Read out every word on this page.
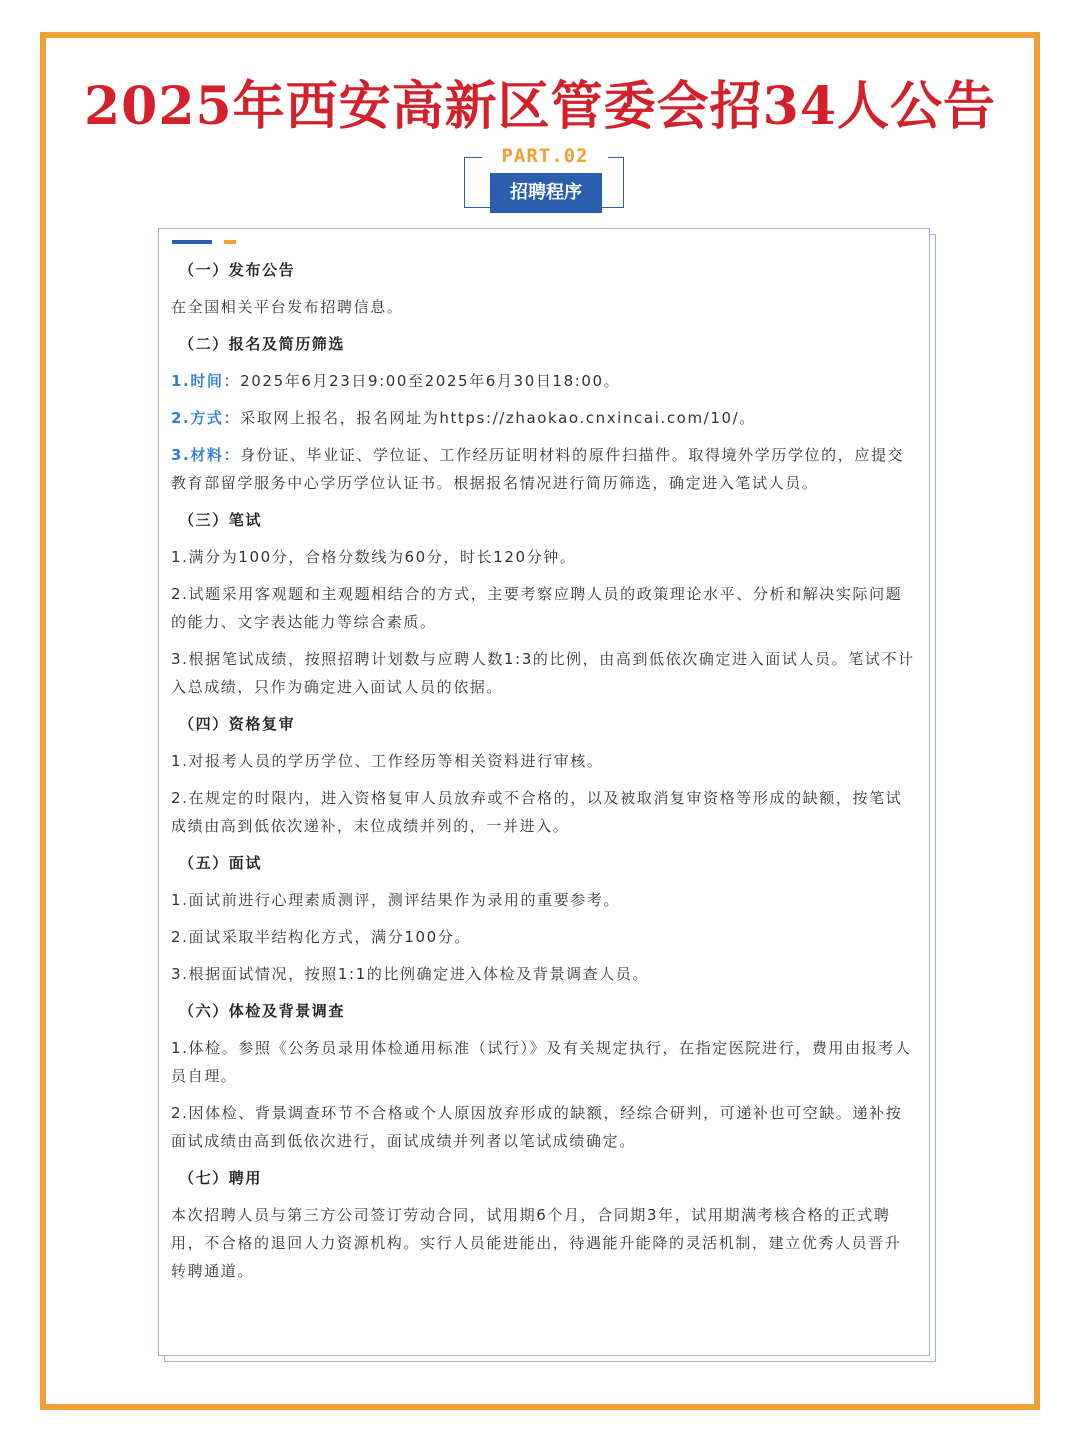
2025年西安高新区管委会招34人公告
PART.02
招聘程序
（一）发布公告
在全国相关平台发布招聘信息。
（二）报名及简历筛选
1.时间：2025年6月23日9:00至2025年6月30日18:00。
2.方式：采取网上报名，报名网址为https://zhaokao.cnxincai.com/10/。
3.材料：身份证、毕业证、学位证、工作经历证明材料的原件扫描件。取得境外学历学位的，应提交教育部留学服务中心学历学位认证书。根据报名情况进行简历筛选，确定进入笔试人员。
（三）笔试
1.满分为100分，合格分数线为60分，时长120分钟。
2.试题采用客观题和主观题相结合的方式，主要考察应聘人员的政策理论水平、分析和解决实际问题的能力、文字表达能力等综合素质。
3.根据笔试成绩，按照招聘计划数与应聘人数1:3的比例，由高到低依次确定进入面试人员。笔试不计入总成绩，只作为确定进入面试人员的依据。
（四）资格复审
1.对报考人员的学历学位、工作经历等相关资料进行审核。
2.在规定的时限内，进入资格复审人员放弃或不合格的，以及被取消复审资格等形成的缺额，按笔试成绩由高到低依次递补，末位成绩并列的，一并进入。
（五）面试
1.面试前进行心理素质测评，测评结果作为录用的重要参考。
2.面试采取半结构化方式，满分100分。
3.根据面试情况，按照1:1的比例确定进入体检及背景调查人员。
（六）体检及背景调查
1.体检。参照《公务员录用体检通用标准（试行）》及有关规定执行，在指定医院进行，费用由报考人员自理。
2.因体检、背景调查环节不合格或个人原因放弃形成的缺额，经综合研判，可递补也可空缺。递补按面试成绩由高到低依次进行，面试成绩并列者以笔试成绩确定。
（七）聘用
本次招聘人员与第三方公司签订劳动合同，试用期6个月，合同期3年，试用期满考核合格的正式聘用，不合格的退回人力资源机构。实行人员能进能出，待遇能升能降的灵活机制，建立优秀人员晋升转聘通道。
